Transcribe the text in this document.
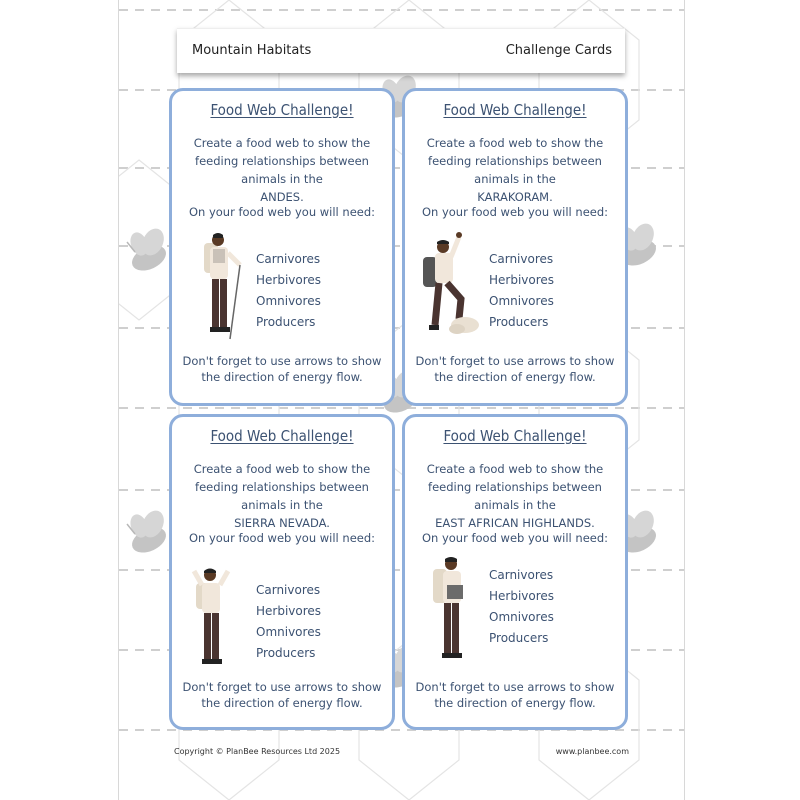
Mountain Habitats	Challenge Cards
Food Web Challenge!
Create a food web to show the feeding relationships between animals in the
ANDES.
On your food web you will need:
Carnivores
Herbivores
Omnivores
Producers
Don't forget to use arrows to show the direction of energy flow.
Food Web Challenge!
Create a food web to show the feeding relationships between animals in the
KARAKORAM.
On your food web you will need:
Carnivores
Herbivores
Omnivores
Producers
Don't forget to use arrows to show the direction of energy flow.
Food Web Challenge!
Create a food web to show the feeding relationships between animals in the
SIERRA NEVADA.
On your food web you will need:
Carnivores
Herbivores
Omnivores
Producers
Don't forget to use arrows to show the direction of energy flow.
Food Web Challenge!
Create a food web to show the feeding relationships between animals in the
EAST AFRICAN HIGHLANDS.
On your food web you will need:
Carnivores
Herbivores
Omnivores
Producers
Don't forget to use arrows to show the direction of energy flow.
Copyright © PlanBee Resources Ltd 2025	www.planbee.com
